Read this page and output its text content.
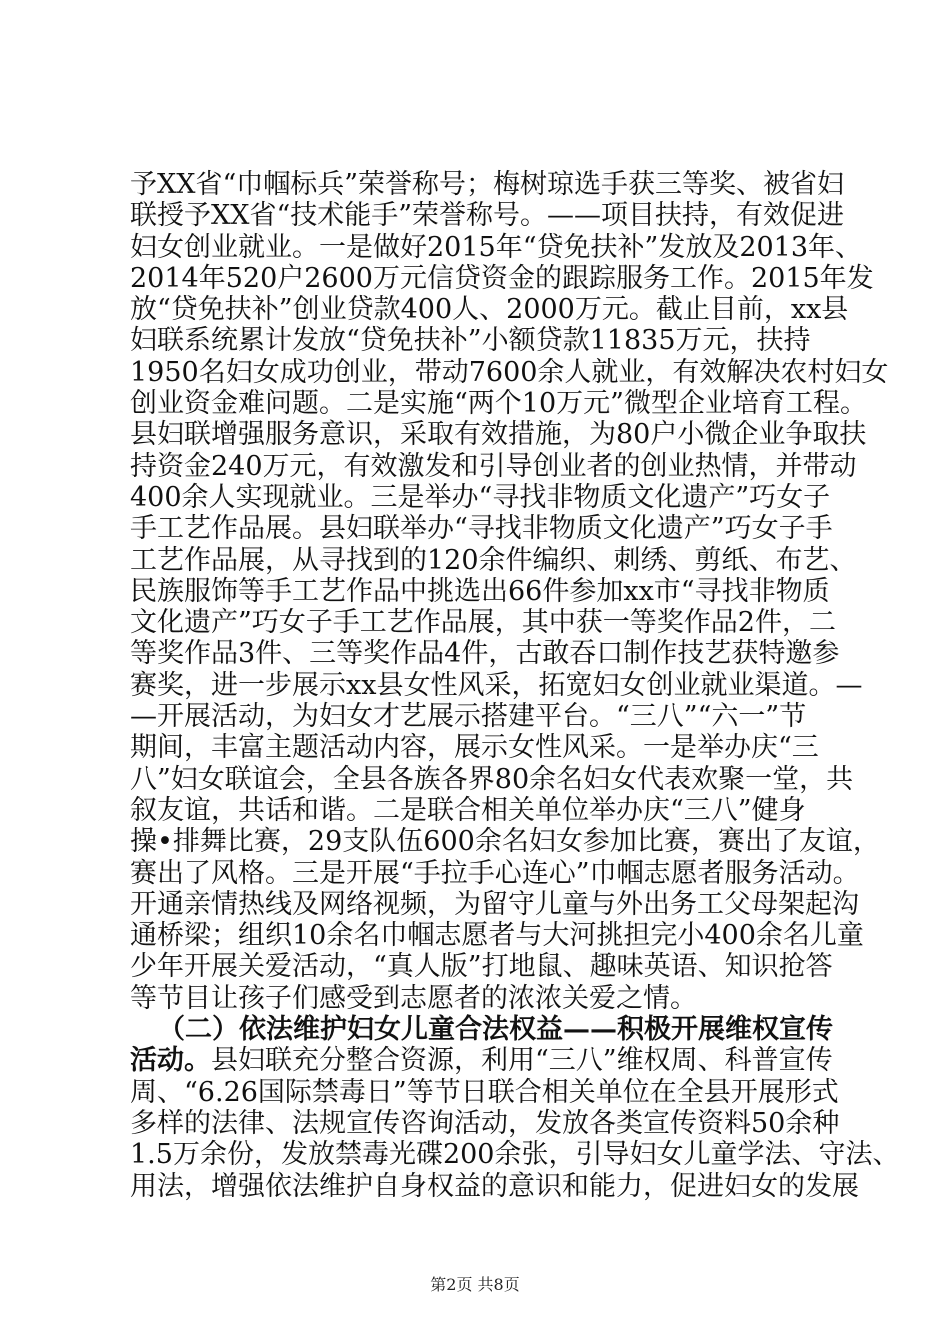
予XX省“巾帼标兵”荣誉称号；梅树琼选手获三等奖、被省妇
联授予XX省“技术能手”荣誉称号。——项目扶持，有效促进
妇女创业就业。一是做好2015年“贷免扶补”发放及2013年、
2014年520户2600万元信贷资金的跟踪服务工作。2015年发
放“贷免扶补”创业贷款400人、2000万元。截止目前，xx县
妇联系统累计发放“贷免扶补”小额贷款11835万元，扶持
1950名妇女成功创业，带动7600余人就业，有效解决农村妇女
创业资金难问题。二是实施“两个10万元”微型企业培育工程。
县妇联增强服务意识，采取有效措施，为80户小微企业争取扶
持资金240万元，有效激发和引导创业者的创业热情，并带动
400余人实现就业。三是举办“寻找非物质文化遗产”巧女子
手工艺作品展。县妇联举办“寻找非物质文化遗产”巧女子手
工艺作品展，从寻找到的120余件编织、刺绣、剪纸、布艺、
民族服饰等手工艺作品中挑选出66件参加xx市“寻找非物质
文化遗产”巧女子手工艺作品展，其中获一等奖作品2件，二
等奖作品3件、三等奖作品4件，古敢吞口制作技艺获特邀参
赛奖，进一步展示xx县女性风采，拓宽妇女创业就业渠道。—
—开展活动，为妇女才艺展示搭建平台。“三八”“六一”节
期间，丰富主题活动内容，展示女性风采。一是举办庆“三
八”妇女联谊会，全县各族各界80余名妇女代表欢聚一堂，共
叙友谊，共话和谐。二是联合相关单位举办庆“三八”健身
操•排舞比赛，29支队伍600余名妇女参加比赛，赛出了友谊，
赛出了风格。三是开展“手拉手心连心”巾帼志愿者服务活动。
开通亲情热线及网络视频，为留守儿童与外出务工父母架起沟
通桥梁；组织10余名巾帼志愿者与大河挑担完小400余名儿童
少年开展关爱活动，“真人版”打地鼠、趣味英语、知识抢答
等节目让孩子们感受到志愿者的浓浓关爱之情。
（二）依法维护妇女儿童合法权益——积极开展维权宣传
活动。县妇联充分整合资源，利用“三八”维权周、科普宣传
周、“6.26国际禁毒日”等节日联合相关单位在全县开展形式
多样的法律、法规宣传咨询活动，发放各类宣传资料50余种
1.5万余份，发放禁毒光碟200余张，引导妇女儿童学法、守法、
用法，增强依法维护自身权益的意识和能力，促进妇女的发展
第2页 共8页
